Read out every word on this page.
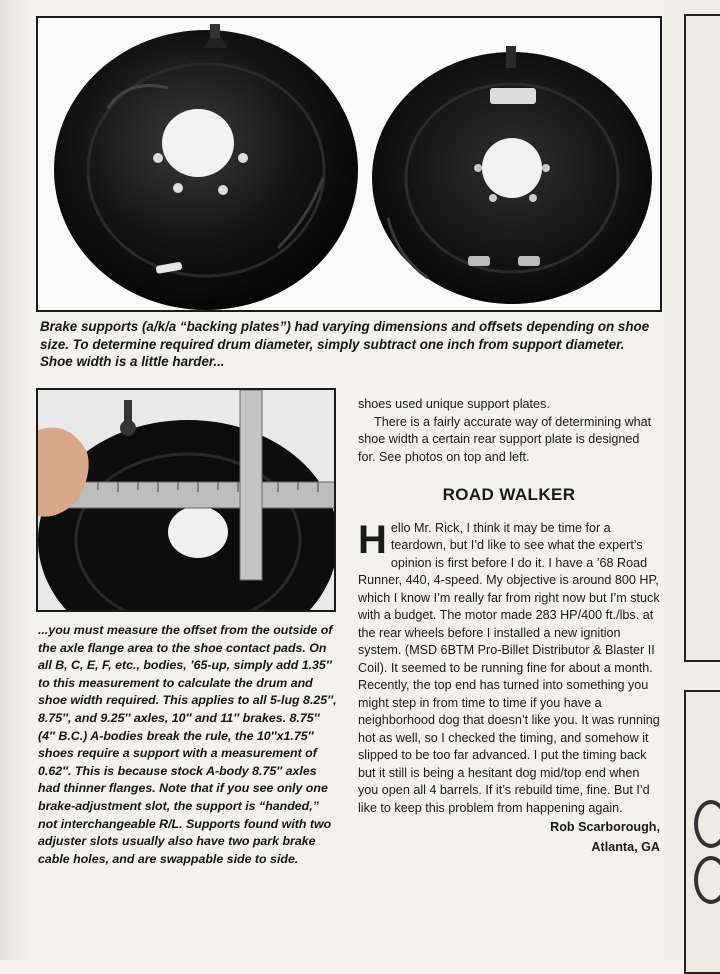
Brake supports (a/k/a “backing plates”) had varying dimensions and offsets depending on shoe size. To determine required drum diameter, simply subtract one inch from support diameter. Shoe width is a little harder...
...you must measure the offset from the outside of the axle flange area to the shoe contact pads. On all B, C, E, F, etc., bodies, ’65-up, simply add 1.35″ to this measurement to calculate the drum and shoe width required. This applies to all 5-lug 8.25″, 8.75″, and 9.25″ axles, 10″ and 11″ brakes. 8.75″ (4″ B.C.) A-bodies break the rule, the 10″x1.75″ shoes require a support with a measurement of 0.62″. This is because stock A-body 8.75″ axles had thinner flanges. Note that if you see only one brake-adjustment slot, the support is “handed,” not interchangeable R/L. Supports found with two adjuster slots usually also have two park brake cable holes, and are swappable side to side.

shoes used unique support plates.

There is a fairly accurate way of determining what shoe width a certain rear support plate is designed for. See photos on top and left.

ROAD WALKER

Hello Mr. Rick, I think it may be time for a teardown, but I’d like to see what the expert’s opinion is first before I do it. I have a ’68 Road Runner, 440, 4-speed. My objective is around 800 HP, which I know I’m really far from right now but I’m stuck with a budget. The motor made 283 HP/400 ft./lbs. at the rear wheels before I installed a new ignition system. (MSD 6BTM Pro-Billet Distributor & Blaster II Coil). It seemed to be running fine for about a month. Recently, the top end has turned into something you might step in from time to time if you have a neighborhood dog that doesn’t like you. It was running hot as well, so I checked the timing, and somehow it slipped to be too far advanced. I put the timing back but it still is being a hesitant dog mid/top end when you open all 4 barrels. If it’s rebuild time, fine. But I’d like to keep this problem from happening again.

Rob Scarborough,
Atlanta, GA
